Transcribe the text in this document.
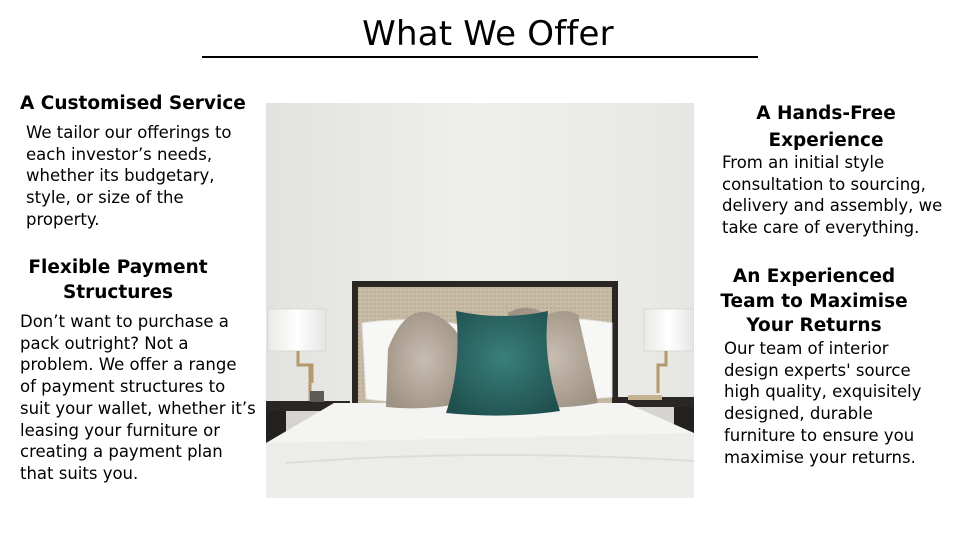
What We Offer
A Customised Service
We tailor our offerings to each investor’s needs, whether its budgetary, style, or size of the property.
Flexible Payment Structures
Don’t want to purchase a pack outright? Not a problem. We offer a range of payment structures to suit your wallet, whether it’s leasing your furniture or creating a payment plan that suits you.
A Hands-Free Experience
From an initial style consultation to sourcing, delivery and assembly, we take care of everything.
An Experienced Team to Maximise Your Returns
Our team of interior design experts' source high quality, exquisitely designed, durable furniture to ensure you maximise your returns.
